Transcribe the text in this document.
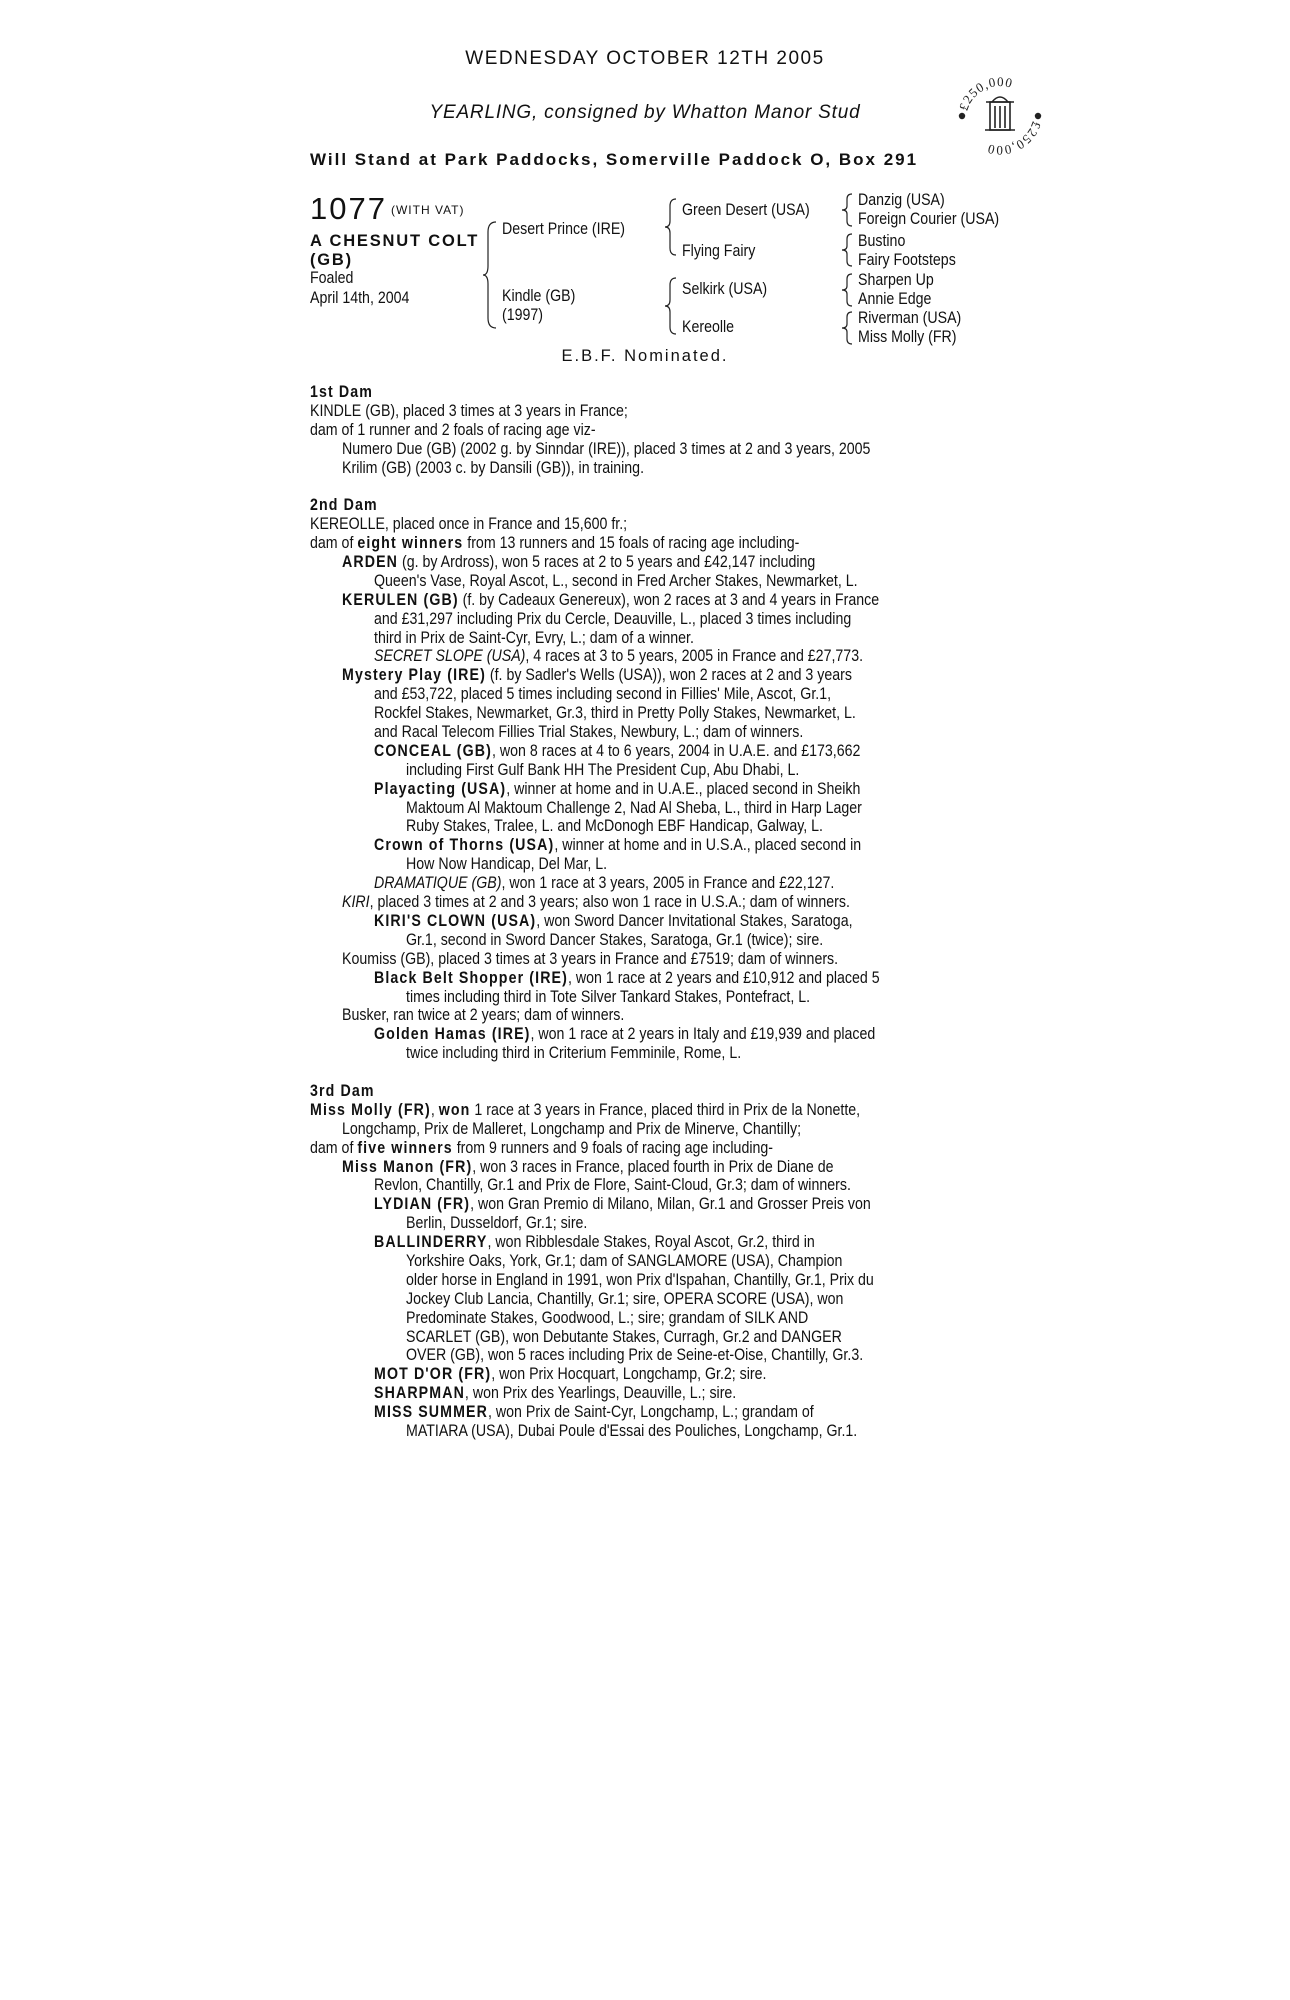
WEDNESDAY OCTOBER 12TH 2005
YEARLING, consigned by Whatton Manor Stud
Will Stand at Park Paddocks, Somerville Paddock O, Box 291
£250,000
£250,000
1077 (WITH VAT)
A CHESNUT COLT
(GB)
Foaled
April 14th, 2004
Desert Prince (IRE)
Kindle (GB)
(1997)
Green Desert (USA)
Flying Fairy
Selkirk (USA)
Kereolle
Danzig (USA)
Foreign Courier (USA)
Bustino
Fairy Footsteps
Sharpen Up
Annie Edge
Riverman (USA)
Miss Molly (FR)
E.B.F. Nominated.
1st Dam
KINDLE (GB), placed 3 times at 3 years in France;
dam of 1 runner and 2 foals of racing age viz-
Numero Due (GB) (2002 g. by Sinndar (IRE)), placed 3 times at 2 and 3 years, 2005
Krilim (GB) (2003 c. by Dansili (GB)), in training.
2nd Dam
KEREOLLE, placed once in France and 15,600 fr.;
dam of eight winners from 13 runners and 15 foals of racing age including-
ARDEN (g. by Ardross), won 5 races at 2 to 5 years and £42,147 including
Queen's Vase, Royal Ascot, L., second in Fred Archer Stakes, Newmarket, L.
KERULEN (GB) (f. by Cadeaux Genereux), won 2 races at 3 and 4 years in France
and £31,297 including Prix du Cercle, Deauville, L., placed 3 times including
third in Prix de Saint-Cyr, Evry, L.; dam of a winner.
SECRET SLOPE (USA), 4 races at 3 to 5 years, 2005 in France and £27,773.
Mystery Play (IRE) (f. by Sadler's Wells (USA)), won 2 races at 2 and 3 years
and £53,722, placed 5 times including second in Fillies' Mile, Ascot, Gr.1,
Rockfel Stakes, Newmarket, Gr.3, third in Pretty Polly Stakes, Newmarket, L.
and Racal Telecom Fillies Trial Stakes, Newbury, L.; dam of winners.
CONCEAL (GB), won 8 races at 4 to 6 years, 2004 in U.A.E. and £173,662
including First Gulf Bank HH The President Cup, Abu Dhabi, L.
Playacting (USA), winner at home and in U.A.E., placed second in Sheikh
Maktoum Al Maktoum Challenge 2, Nad Al Sheba, L., third in Harp Lager
Ruby Stakes, Tralee, L. and McDonogh EBF Handicap, Galway, L.
Crown of Thorns (USA), winner at home and in U.S.A., placed second in
How Now Handicap, Del Mar, L.
DRAMATIQUE (GB), won 1 race at 3 years, 2005 in France and £22,127.
KIRI, placed 3 times at 2 and 3 years; also won 1 race in U.S.A.; dam of winners.
KIRI'S CLOWN (USA), won Sword Dancer Invitational Stakes, Saratoga,
Gr.1, second in Sword Dancer Stakes, Saratoga, Gr.1 (twice); sire.
Koumiss (GB), placed 3 times at 3 years in France and £7519; dam of winners.
Black Belt Shopper (IRE), won 1 race at 2 years and £10,912 and placed 5
times including third in Tote Silver Tankard Stakes, Pontefract, L.
Busker, ran twice at 2 years; dam of winners.
Golden Hamas (IRE), won 1 race at 2 years in Italy and £19,939 and placed
twice including third in Criterium Femminile, Rome, L.
3rd Dam
Miss Molly (FR), won 1 race at 3 years in France, placed third in Prix de la Nonette,
Longchamp, Prix de Malleret, Longchamp and Prix de Minerve, Chantilly;
dam of five winners from 9 runners and 9 foals of racing age including-
Miss Manon (FR), won 3 races in France, placed fourth in Prix de Diane de
Revlon, Chantilly, Gr.1 and Prix de Flore, Saint-Cloud, Gr.3; dam of winners.
LYDIAN (FR), won Gran Premio di Milano, Milan, Gr.1 and Grosser Preis von
Berlin, Dusseldorf, Gr.1; sire.
BALLINDERRY, won Ribblesdale Stakes, Royal Ascot, Gr.2, third in
Yorkshire Oaks, York, Gr.1; dam of SANGLAMORE (USA), Champion
older horse in England in 1991, won Prix d'Ispahan, Chantilly, Gr.1, Prix du
Jockey Club Lancia, Chantilly, Gr.1; sire, OPERA SCORE (USA), won
Predominate Stakes, Goodwood, L.; sire; grandam of SILK AND
SCARLET (GB), won Debutante Stakes, Curragh, Gr.2 and DANGER
OVER (GB), won 5 races including Prix de Seine-et-Oise, Chantilly, Gr.3.
MOT D'OR (FR), won Prix Hocquart, Longchamp, Gr.2; sire.
SHARPMAN, won Prix des Yearlings, Deauville, L.; sire.
MISS SUMMER, won Prix de Saint-Cyr, Longchamp, L.; grandam of
MATIARA (USA), Dubai Poule d'Essai des Pouliches, Longchamp, Gr.1.
